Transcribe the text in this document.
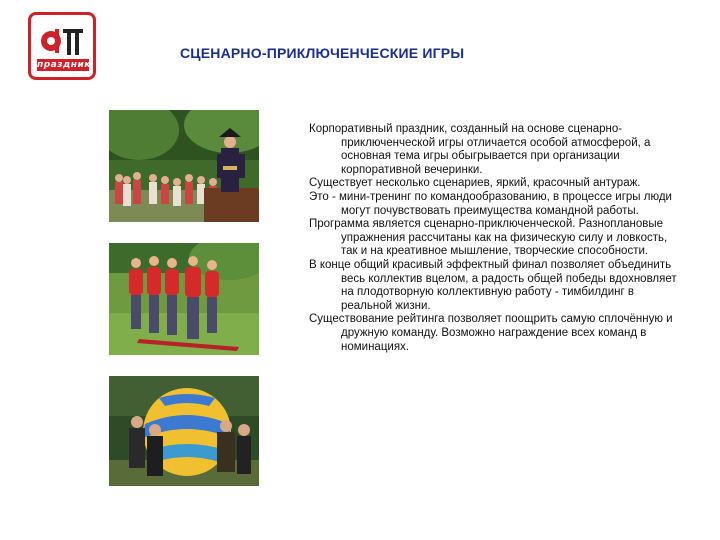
праздник
СЦЕНАРНО-ПРИКЛЮЧЕНЧЕСКИЕ ИГРЫ

Корпоративный праздник, созданный на основе сценарно-приключенческой игры отличается особой атмосферой, а основная тема игры обыгрывается при организации корпоративной вечеринки.

Существует несколько сценариев, яркий, красочный антураж.

Это - мини-тренинг по командообразованию, в процессе игры люди могут почувствовать преимущества командной работы.

Программа является сценарно-приключенческой. Разноплановые упражнения рассчитаны как на физическую силу и ловкость, так и на креативное мышление, творческие способности.

В конце общий красивый эффектный финал позволяет объединить весь коллектив вцелом, а радость общей победы вдохновляет на плодотворную коллективную работу - тимбилдинг в реальной жизни.

Существование рейтинга позволяет поощрить самую сплочённую и дружную команду. Возможно награждение всех команд в номинациях.
